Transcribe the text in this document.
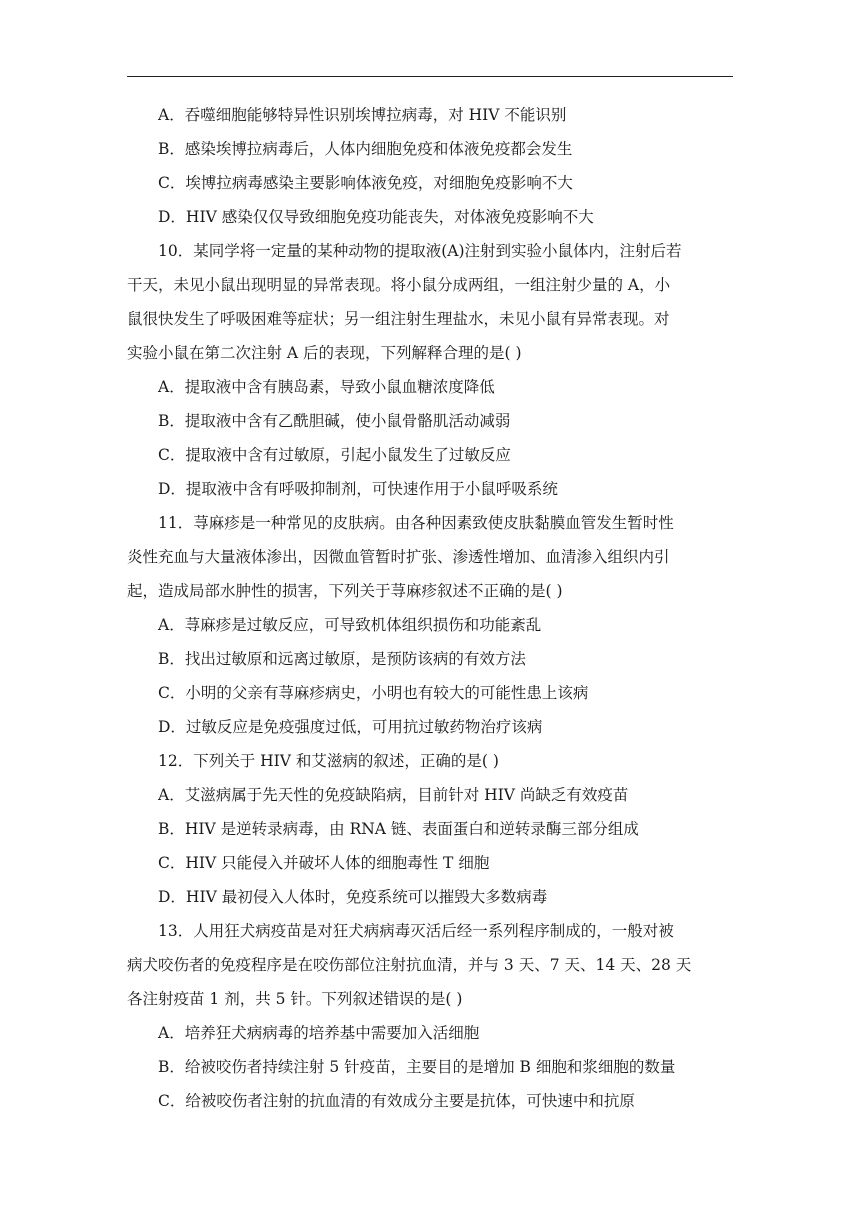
A．吞噬细胞能够特异性识别埃博拉病毒，对 HIV 不能识别
B．感染埃博拉病毒后，人体内细胞免疫和体液免疫都会发生
C．埃博拉病毒感染主要影响体液免疫，对细胞免疫影响不大
D．HIV 感染仅仅导致细胞免疫功能丧失，对体液免疫影响不大
10．某同学将一定量的某种动物的提取液(A)注射到实验小鼠体内，注射后若
干天，未见小鼠出现明显的异常表现。将小鼠分成两组，一组注射少量的 A，小
鼠很快发生了呼吸困难等症状；另一组注射生理盐水，未见小鼠有异常表现。对
实验小鼠在第二次注射 A 后的表现，下列解释合理的是( )
A．提取液中含有胰岛素，导致小鼠血糖浓度降低
B．提取液中含有乙酰胆碱，使小鼠骨骼肌活动减弱
C．提取液中含有过敏原，引起小鼠发生了过敏反应
D．提取液中含有呼吸抑制剂，可快速作用于小鼠呼吸系统
11．荨麻疹是一种常见的皮肤病。由各种因素致使皮肤黏膜血管发生暂时性
炎性充血与大量液体渗出，因微血管暂时扩张、渗透性增加、血清渗入组织内引
起，造成局部水肿性的损害，下列关于荨麻疹叙述不正确的是( )
A．荨麻疹是过敏反应，可导致机体组织损伤和功能紊乱
B．找出过敏原和远离过敏原，是预防该病的有效方法
C．小明的父亲有荨麻疹病史，小明也有较大的可能性患上该病
D．过敏反应是免疫强度过低，可用抗过敏药物治疗该病
12．下列关于 HIV 和艾滋病的叙述，正确的是( )
A．艾滋病属于先天性的免疫缺陷病，目前针对 HIV 尚缺乏有效疫苗
B．HIV 是逆转录病毒，由 RNA 链、表面蛋白和逆转录酶三部分组成
C．HIV 只能侵入并破坏人体的细胞毒性 T 细胞
D．HIV 最初侵入人体时，免疫系统可以摧毁大多数病毒
13．人用狂犬病疫苗是对狂犬病病毒灭活后经一系列程序制成的，一般对被
病犬咬伤者的免疫程序是在咬伤部位注射抗血清，并与 3 天、7 天、14 天、28 天
各注射疫苗 1 剂，共 5 针。下列叙述错误的是( )
A．培养狂犬病病毒的培养基中需要加入活细胞
B．给被咬伤者持续注射 5 针疫苗，主要目的是增加 B 细胞和浆细胞的数量
C．给被咬伤者注射的抗血清的有效成分主要是抗体，可快速中和抗原
